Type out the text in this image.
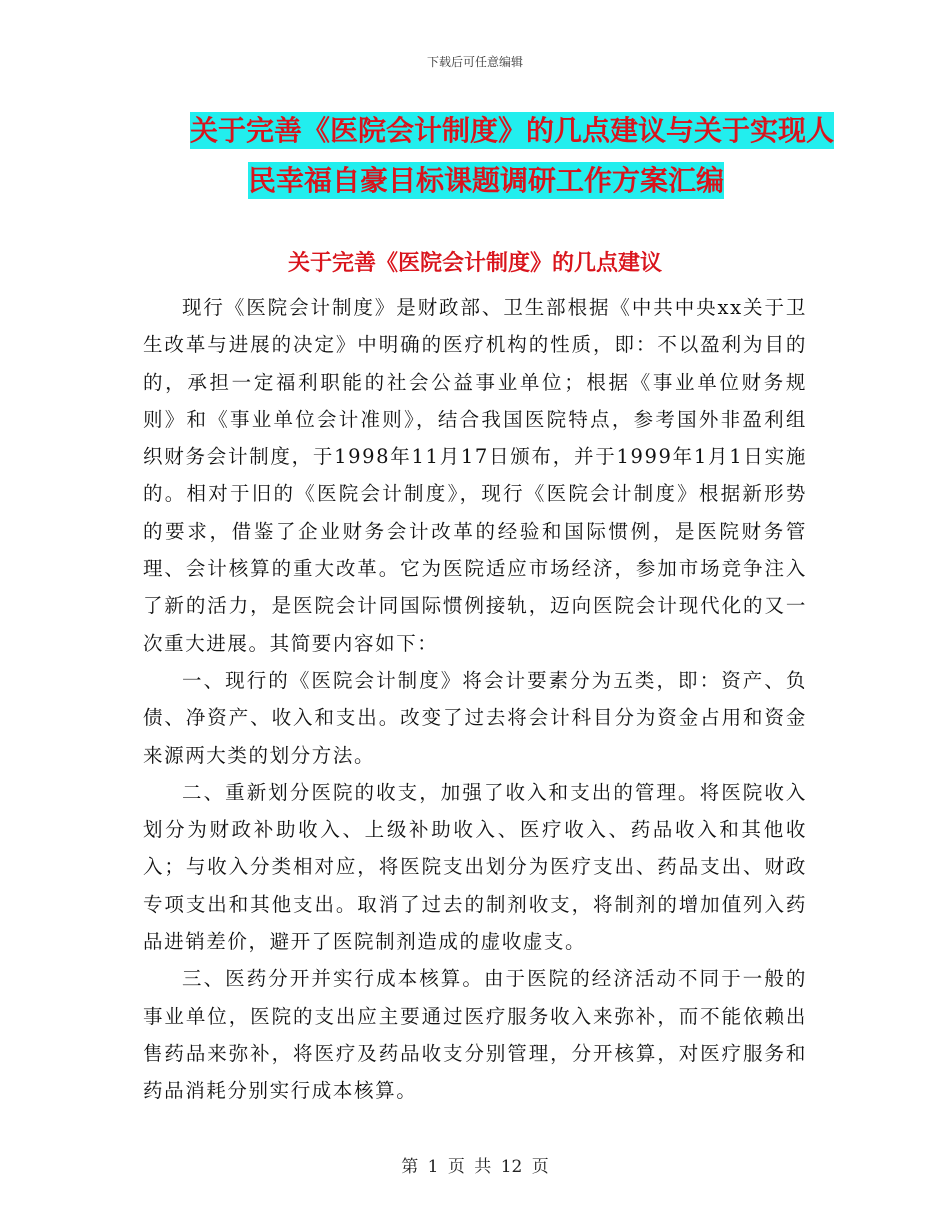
下载后可任意编辑
关于完善《医院会计制度》的几点建议与关于实现人
民幸福自豪目标课题调研工作方案汇编
关于完善《医院会计制度》的几点建议

现行《医院会计制度》是财政部、卫生部根据《中共中央xx关于卫生改革与进展的决定》中明确的医疗机构的性质，即：不以盈利为目的的，承担一定福利职能的社会公益事业单位；根据《事业单位财务规则》和《事业单位会计准则》，结合我国医院特点，参考国外非盈利组织财务会计制度，于1998年11月17日颁布，并于1999年1月1日实施的。相对于旧的《医院会计制度》，现行《医院会计制度》根据新形势的要求，借鉴了企业财务会计改革的经验和国际惯例，是医院财务管理、会计核算的重大改革。它为医院适应市场经济，参加市场竞争注入了新的活力，是医院会计同国际惯例接轨，迈向医院会计现代化的又一次重大进展。其简要内容如下：

一、现行的《医院会计制度》将会计要素分为五类，即：资产、负债、净资产、收入和支出。改变了过去将会计科目分为资金占用和资金来源两大类的划分方法。

二、重新划分医院的收支，加强了收入和支出的管理。将医院收入划分为财政补助收入、上级补助收入、医疗收入、药品收入和其他收入；与收入分类相对应，将医院支出划分为医疗支出、药品支出、财政专项支出和其他支出。取消了过去的制剂收支，将制剂的增加值列入药品进销差价，避开了医院制剂造成的虚收虚支。

三、医药分开并实行成本核算。由于医院的经济活动不同于一般的事业单位，医院的支出应主要通过医疗服务收入来弥补，而不能依赖出售药品来弥补，将医疗及药品收支分别管理，分开核算，对医疗服务和药品消耗分别实行成本核算。

第 1 页 共 12 页
